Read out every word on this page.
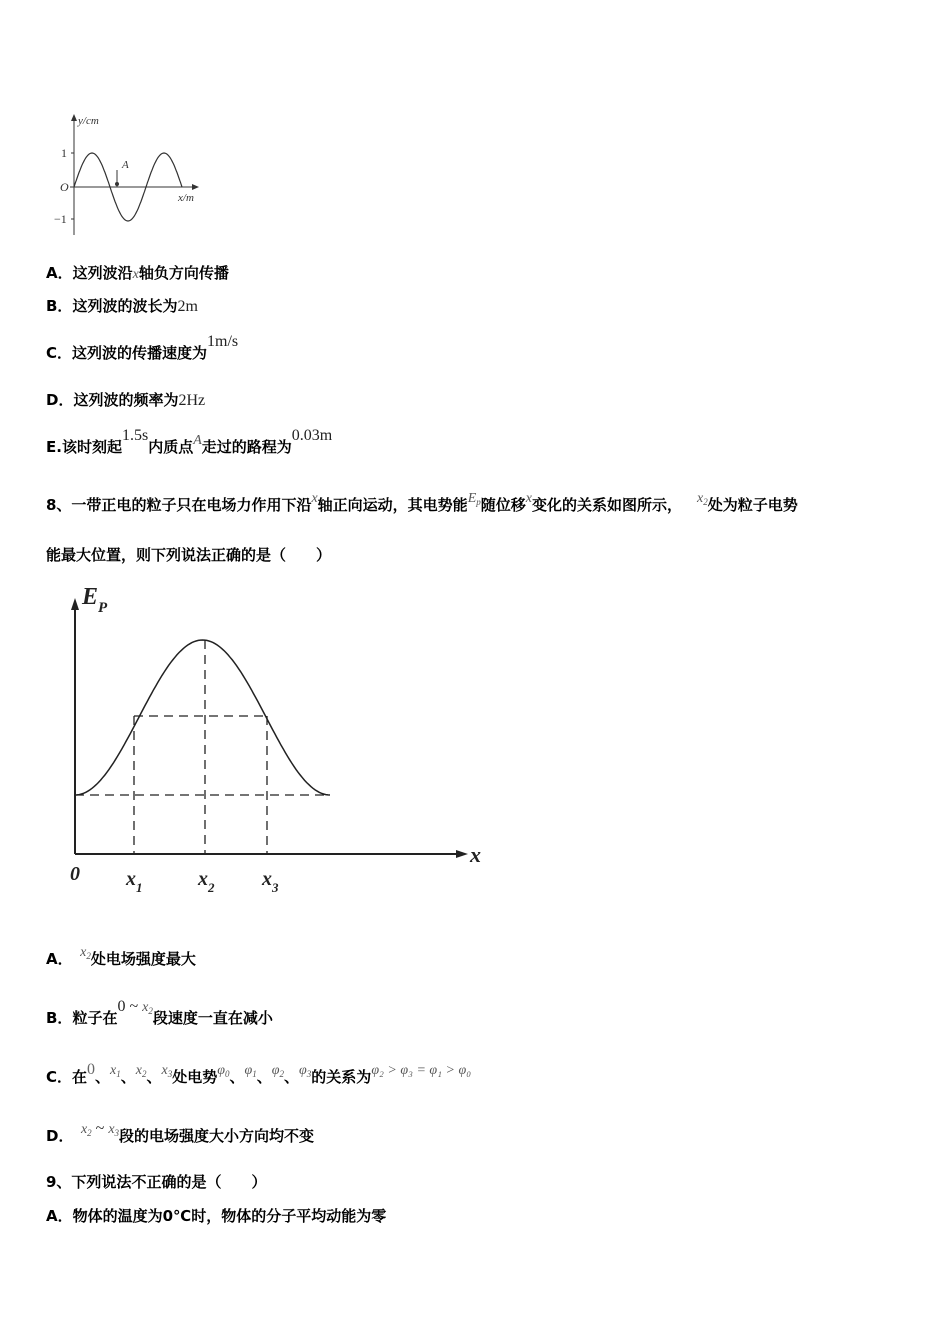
y/cm
x/m
1
−1
O
A
A．这列波沿x轴负方向传播
B．这列波的波长为2m
C．这列波的传播速度为1m/s
D．这列波的频率为2Hz
E.该时刻起1.5s内质点A走过的路程为0.03m
8、一带正电的粒子只在电场力作用下沿x轴正向运动，其电势能$E_p$随位移x变化的关系如图所示，  $x_2$处为粒子电势
能最大位置，则下列说法正确的是（　　）
$E_P$
x
0 $x_1$	$x_2$ $x_3$
A．  $x_2$处电场强度最大
B．粒子在0 ~ $x_2$段速度一直在减小
C．在0、$x_1$、$x_2$、$x_3$处电势$\varphi_0$、$\varphi_1$、$\varphi_2$、$\varphi_3$的关系为φ₂ > φ₃ = φ₁ > φ₀
D．  $x_2$ ~ $x_3$段的电场强度大小方向均不变
9、下列说法不正确的是（　　）
A．物体的温度为0℃时，物体的分子平均动能为零
